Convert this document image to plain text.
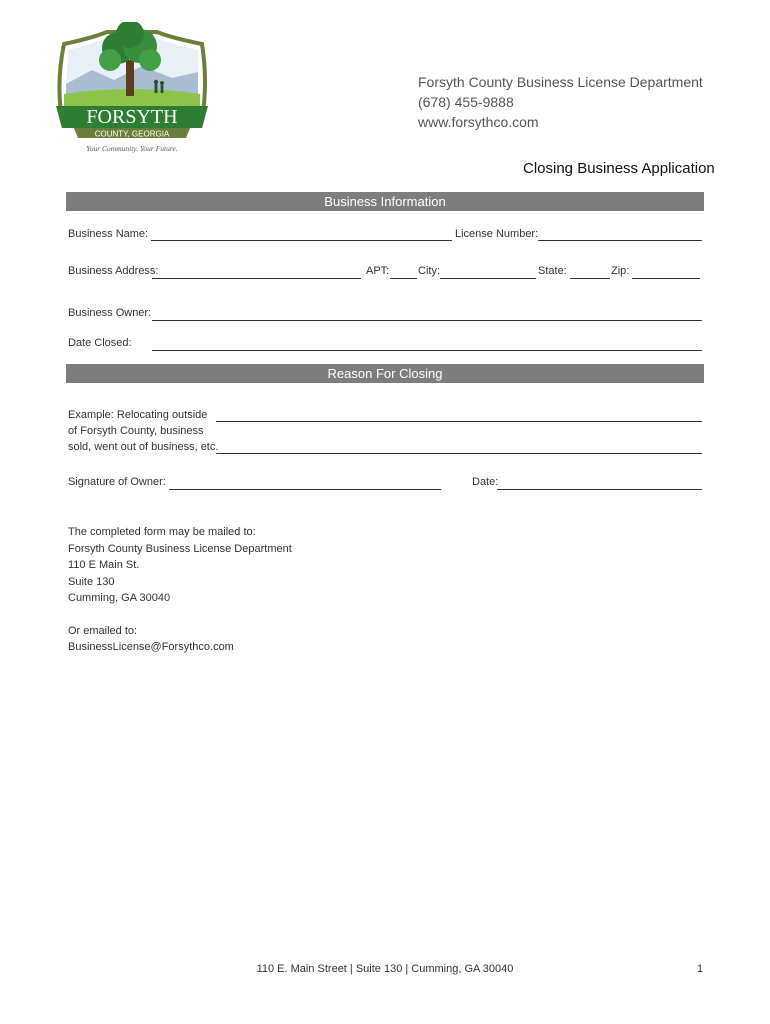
FORSYTH
COUNTY, GEORGIA
Your Community. Your Future.
Forsyth County Business License Department
(678) 455-9888
www.forsythco.com
Closing Business Application
Business Information
Business Name:	License Number:
Business Address:	APT:	City:	State:	Zip:
Business Owner:
Date Closed:
Reason For Closing
Example: Relocating outside
of Forsyth County, business
sold, went out of business, etc.
Signature of Owner:	Date:
The completed form may be mailed to:
Forsyth County Business License Department
110 E Main St.
Suite 130
Cumming, GA 30040
Or emailed to:
BusinessLicense@Forsythco.com
110 E. Main Street | Suite 130 | Cumming, GA 30040	1
